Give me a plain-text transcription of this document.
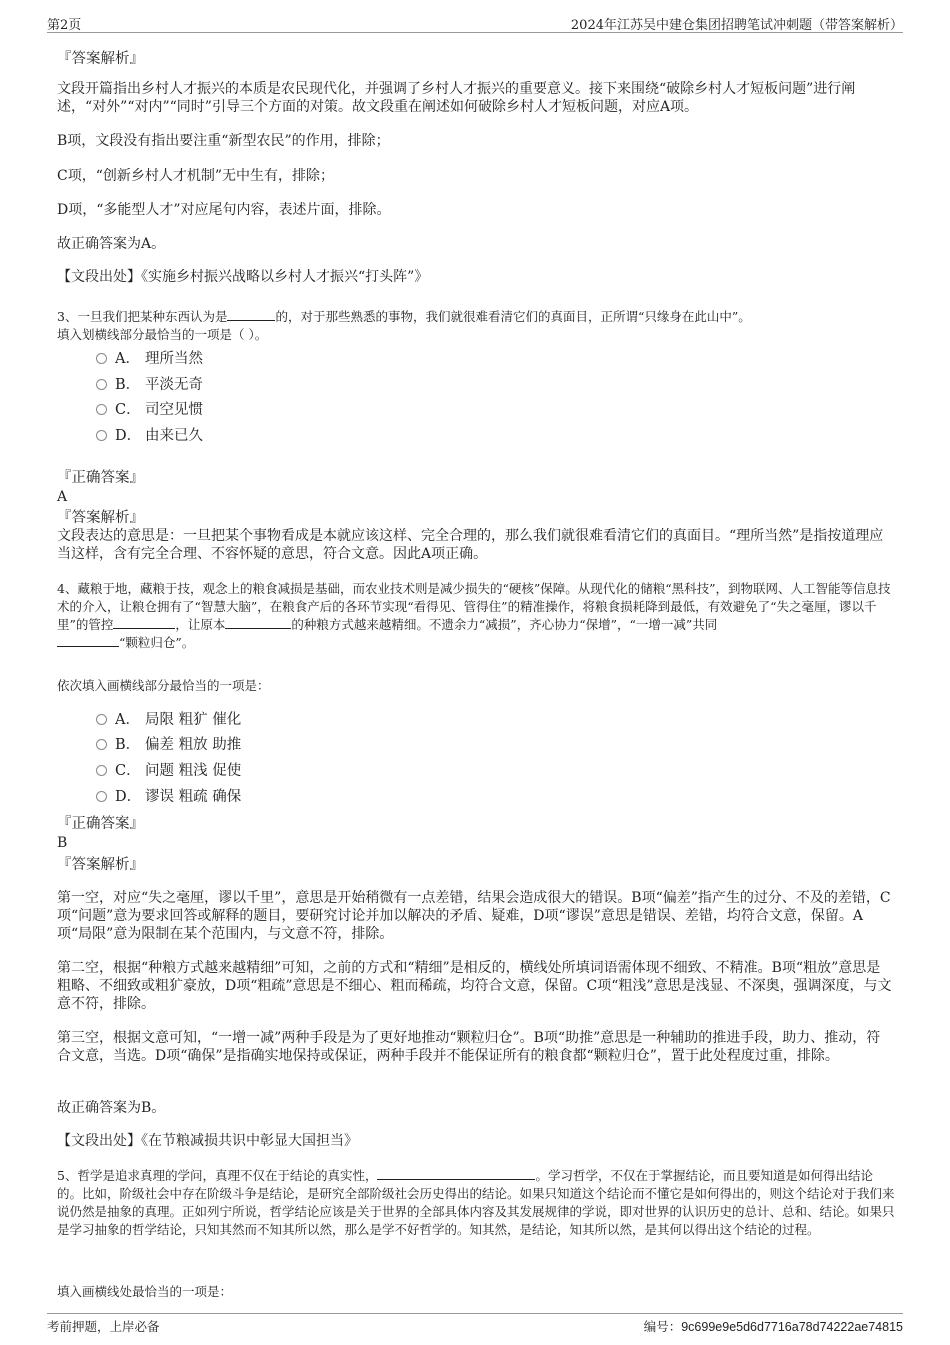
第2页	2024年江苏吴中建仓集团招聘笔试冲刺题（带答案解析）
『答案解析』
文段开篇指出乡村人才振兴的本质是农民现代化，并强调了乡村人才振兴的重要意义。接下来围绕“破除乡村人才短板问题”进行阐述，“对外”“对内”“同时”引导三个方面的对策。故文段重在阐述如何破除乡村人才短板问题，对应A项。
B项，文段没有指出要注重“新型农民”的作用，排除；
C项，“创新乡村人才机制”无中生有，排除；
D项，“多能型人才”对应尾句内容，表述片面，排除。
故正确答案为A。
【文段出处】《实施乡村振兴战略以乡村人才振兴“打头阵”》
3、一旦我们把某种东西认为是	的，对于那些熟悉的事物，我们就很难看清它们的真面目，正所谓“只缘身在此山中”。
填入划横线部分最恰当的一项是（ ）。
A． 理所当然
B． 平淡无奇
C． 司空见惯
D． 由来已久
『正确答案』
A
『答案解析』
文段表达的意思是：一旦把某个事物看成是本就应该这样、完全合理的，那么我们就很难看清它们的真面目。“理所当然”是指按道理应当这样，含有完全合理、不容怀疑的意思，符合文意。因此A项正确。
4、藏粮于地，藏粮于技，观念上的粮食减损是基础，而农业技术则是减少损失的“硬核”保障。从现代化的储粮“黑科技”，到物联网、人工智能等信息技术的介入，让粮仓拥有了“智慧大脑”，在粮食产后的各环节实现“看得见、管得住”的精准操作，将粮食损耗降到最低，有效避免了“失之毫厘，谬以千里”的管控	，让原本	的种粮方式越来越精细。不遗余力“减损”，齐心协力“保增”，“一增一减”共同
“颗粒归仓”。
依次填入画横线部分最恰当的一项是：
A． 局限 粗犷 催化
B． 偏差 粗放 助推
C． 问题 粗浅 促使
D． 谬误 粗疏 确保
『正确答案』
B
『答案解析』
第一空，对应“失之毫厘，谬以千里”，意思是开始稍微有一点差错，结果会造成很大的错误。B项“偏差”指产生的过分、不及的差错，C项“问题”意为要求回答或解释的题目，要研究讨论并加以解决的矛盾、疑难，D项“谬误”意思是错误、差错，均符合文意，保留。A项“局限”意为限制在某个范围内，与文意不符，排除。
第二空，根据“种粮方式越来越精细”可知，之前的方式和“精细”是相反的，横线处所填词语需体现不细致、不精准。B项“粗放”意思是粗略、不细致或粗犷豪放，D项“粗疏”意思是不细心、粗而稀疏，均符合文意，保留。C项“粗浅”意思是浅显、不深奥，强调深度，与文意不符，排除。
第三空，根据文意可知，“一增一减”两种手段是为了更好地推动“颗粒归仓”。B项“助推”意思是一种辅助的推进手段，助力、推动，符合文意，当选。D项“确保”是指确实地保持或保证，两种手段并不能保证所有的粮食都“颗粒归仓”，置于此处程度过重，排除。
故正确答案为B。
【文段出处】《在节粮减损共识中彰显大国担当》
5、哲学是追求真理的学问，真理不仅在于结论的真实性，	。学习哲学，不仅在于掌握结论，而且要知道是如何得出结论的。比如，阶级社会中存在阶级斗争是结论，是研究全部阶级社会历史得出的结论。如果只知道这个结论而不懂它是如何得出的，则这个结论对于我们来说仍然是抽象的真理。正如列宁所说，哲学结论应该是关于世界的全部具体内容及其发展规律的学说，即对世界的认识历史的总计、总和、结论。如果只是学习抽象的哲学结论，只知其然而不知其所以然，那么是学不好哲学的。知其然，是结论，知其所以然，是其何以得出这个结论的过程。
填入画横线处最恰当的一项是：
考前押题，上岸必备	编号：9c699e9e5d6d7716a78d74222ae74815
